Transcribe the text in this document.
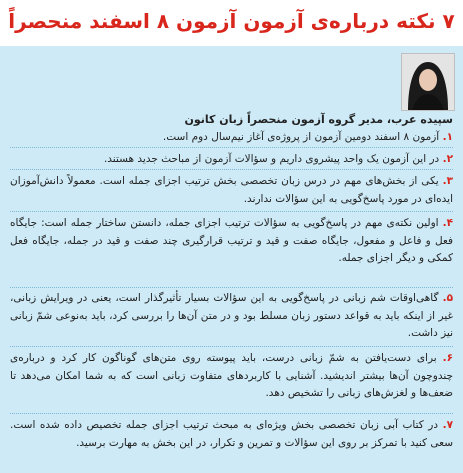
۷ نکته درباره‌ی آزمون آزمون ۸ اسفند منحصراً
سپیده عرب، مدیر گروه آزمون منحصراً زبان کانون
۱. آزمون ۸ اسفند دومین آزمون از پروژه‌ی آغاز نیم‌سال دوم است.
۲. در این آزمون یک واحد پیشروی داریم و سؤالات آزمون از مباحث جدید هستند.
۳. یکی از بخش‌های مهم در درس زبان تخصصی بخش ترتیب اجزای جمله است. معمولاً دانش‌آموزان ایده‌ای در مورد پاسخ‌گویی به این سؤالات ندارند.
۴. اولین نکته‌ی مهم در پاسخ‌گویی به سؤالات ترتیب اجزای جمله، دانستن ساختار جمله است: جایگاه فعل و فاعل و مفعول، جایگاه صفت و قید و ترتیب قرارگیری چند صفت و قید در جمله، جایگاه فعل کمکی و دیگر اجزای جمله.
۵. گاهی‌اوقات شم زبانی در پاسخ‌گویی به این سؤالات بسیار تأثیرگذار است، یعنی در ویرایش زبانی، غیر از اینکه باید به قواعد دستور زبان مسلط بود و در متن آن‌ها را بررسی کرد، باید به‌نوعی شمّ زبانی نیز داشت.
۶. برای دست‌یافتن به شمّ زبانی درست، باید پیوسته روی متن‌های گوناگون کار کرد و درباره‌ی چندوچون آن‌ها بیشتر اندیشید. آشنایی با کاربردهای متفاوت زبانی است که به شما امکان می‌دهد تا ضعف‌ها و لغزش‌های زبانی را تشخیص دهد.
۷. در کتاب آبی زبان تخصصی بخش ویژه‌ای به مبحث ترتیب اجزای جمله تخصیص داده شده است. سعی کنید با تمرکز بر روی این سؤالات و تمرین و تکرار، در این بخش به مهارت برسید.
